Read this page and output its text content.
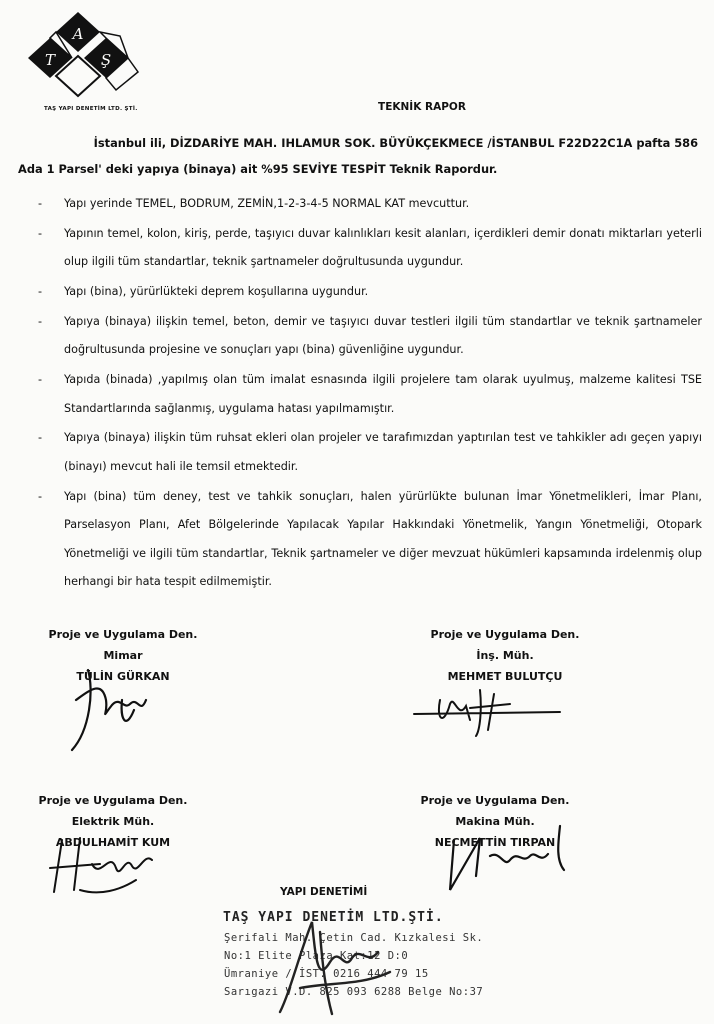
A
T	Ş
TAŞ YAPI DENETİM LTD. ŞTİ.	TEKNİK RAPOR
İstanbul ili, DİZDARİYE MAH. IHLAMUR SOK. BÜYÜKÇEKMECE /İSTANBUL F22D22C1A pafta 586
Ada 1 Parsel' deki yapıya (binaya) ait %95 SEVİYE TESPİT Teknik Rapordur.
- Yapı yerinde TEMEL, BODRUM, ZEMİN,1-2-3-4-5 NORMAL KAT mevcuttur.
- Yapının temel, kolon, kiriş, perde, taşıyıcı duvar kalınlıkları kesit alanları, içerdikleri demir donatı miktarları yeterli olup ilgili tüm standartlar, teknik şartnameler doğrultusunda uygundur.
- Yapı (bina), yürürlükteki deprem koşullarına uygundur.
- Yapıya (binaya) ilişkin temel, beton, demir ve taşıyıcı duvar testleri ilgili tüm standartlar ve teknik şartnameler doğrultusunda projesine ve sonuçları yapı (bina) güvenliğine uygundur.
- Yapıda (binada) ,yapılmış olan tüm imalat esnasında ilgili projelere tam olarak uyulmuş, malzeme kalitesi TSE Standartlarında sağlanmış, uygulama hatası yapılmamıştır.
- Yapıya (binaya) ilişkin tüm ruhsat ekleri olan projeler ve tarafımızdan yaptırılan test ve tahkikler adı geçen yapıyı (binayı) mevcut hali ile temsil etmektedir.
- Yapı (bina) tüm deney, test ve tahkik sonuçları, halen yürürlükte bulunan İmar Yönetmelikleri, İmar Planı, Parselasyon Planı, Afet Bölgelerinde Yapılacak Yapılar Hakkındaki Yönetmelik, Yangın Yönetmeliği, Otopark Yönetmeliği ve ilgili tüm standartlar, Teknik şartnameler ve diğer mevzuat hükümleri kapsamında irdelenmiş olup herhangi bir hata tespit edilmemiştir.
Proje ve Uygulama Den.
Mimar
TÜLİN GÜRKAN
Proje ve Uygulama Den.
İnş. Müh.
MEHMET BULUTÇU
Proje ve Uygulama Den.
Elektrik Müh.
ABDULHAMİT KUM
Proje ve Uygulama Den.
Makina Müh.
NECMETTİN TIRPAN
YAPI DENETİMİ
TAŞ YAPI DENETİM LTD.ŞTİ.
Şerifali Mah. Çetin Cad. Kızkalesi Sk.
No:1 Elite Plaza Kat:12 D:0
Ümraniye / İST. 0216 444 79 15
Sarıgazi V.D. 825 093 6288 Belge No:37
